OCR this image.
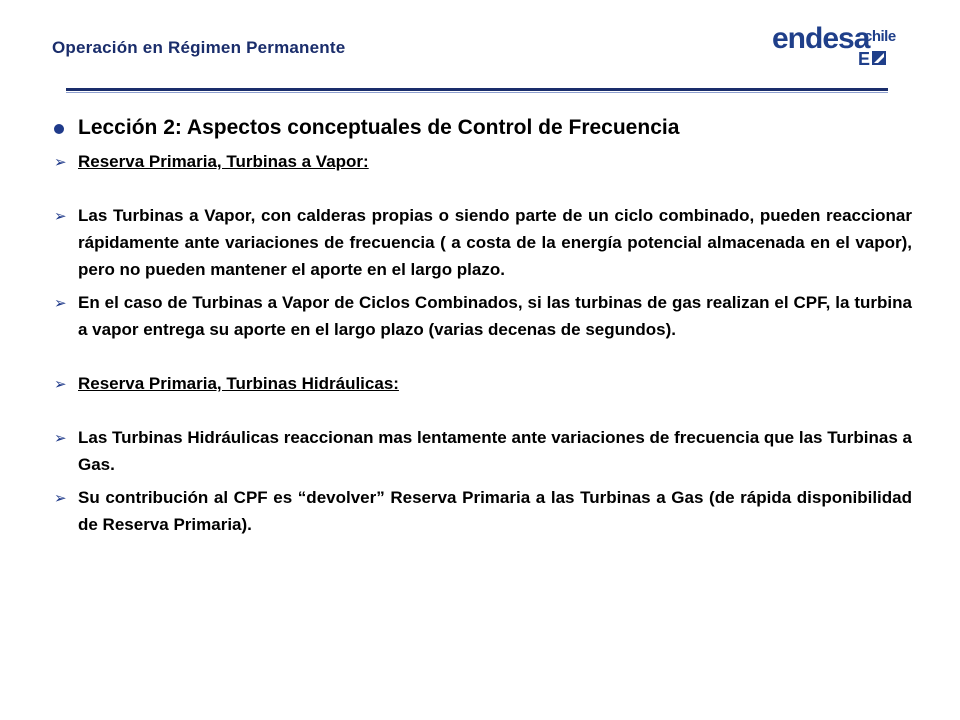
Operación en Régimen Permanente	endesa
chile
E
Lección 2: Aspectos conceptuales de Control de Frecuencia
➢ Reserva Primaria, Turbinas a Vapor:
➢ Las Turbinas a Vapor, con calderas propias o siendo parte de un ciclo combinado, pueden reaccionar rápidamente ante variaciones de frecuencia ( a costa de la energía potencial almacenada en el vapor), pero no pueden mantener el aporte en el largo plazo.
➢ En el caso de Turbinas a Vapor de Ciclos Combinados, si las turbinas de gas realizan el CPF, la turbina a vapor entrega su aporte en el largo plazo (varias decenas de segundos).
➢ Reserva Primaria, Turbinas Hidráulicas:
➢ Las Turbinas Hidráulicas reaccionan mas lentamente ante variaciones de frecuencia que las Turbinas a Gas.
➢ Su contribución al CPF es “devolver” Reserva Primaria a las Turbinas a Gas (de rápida disponibilidad de Reserva Primaria).
